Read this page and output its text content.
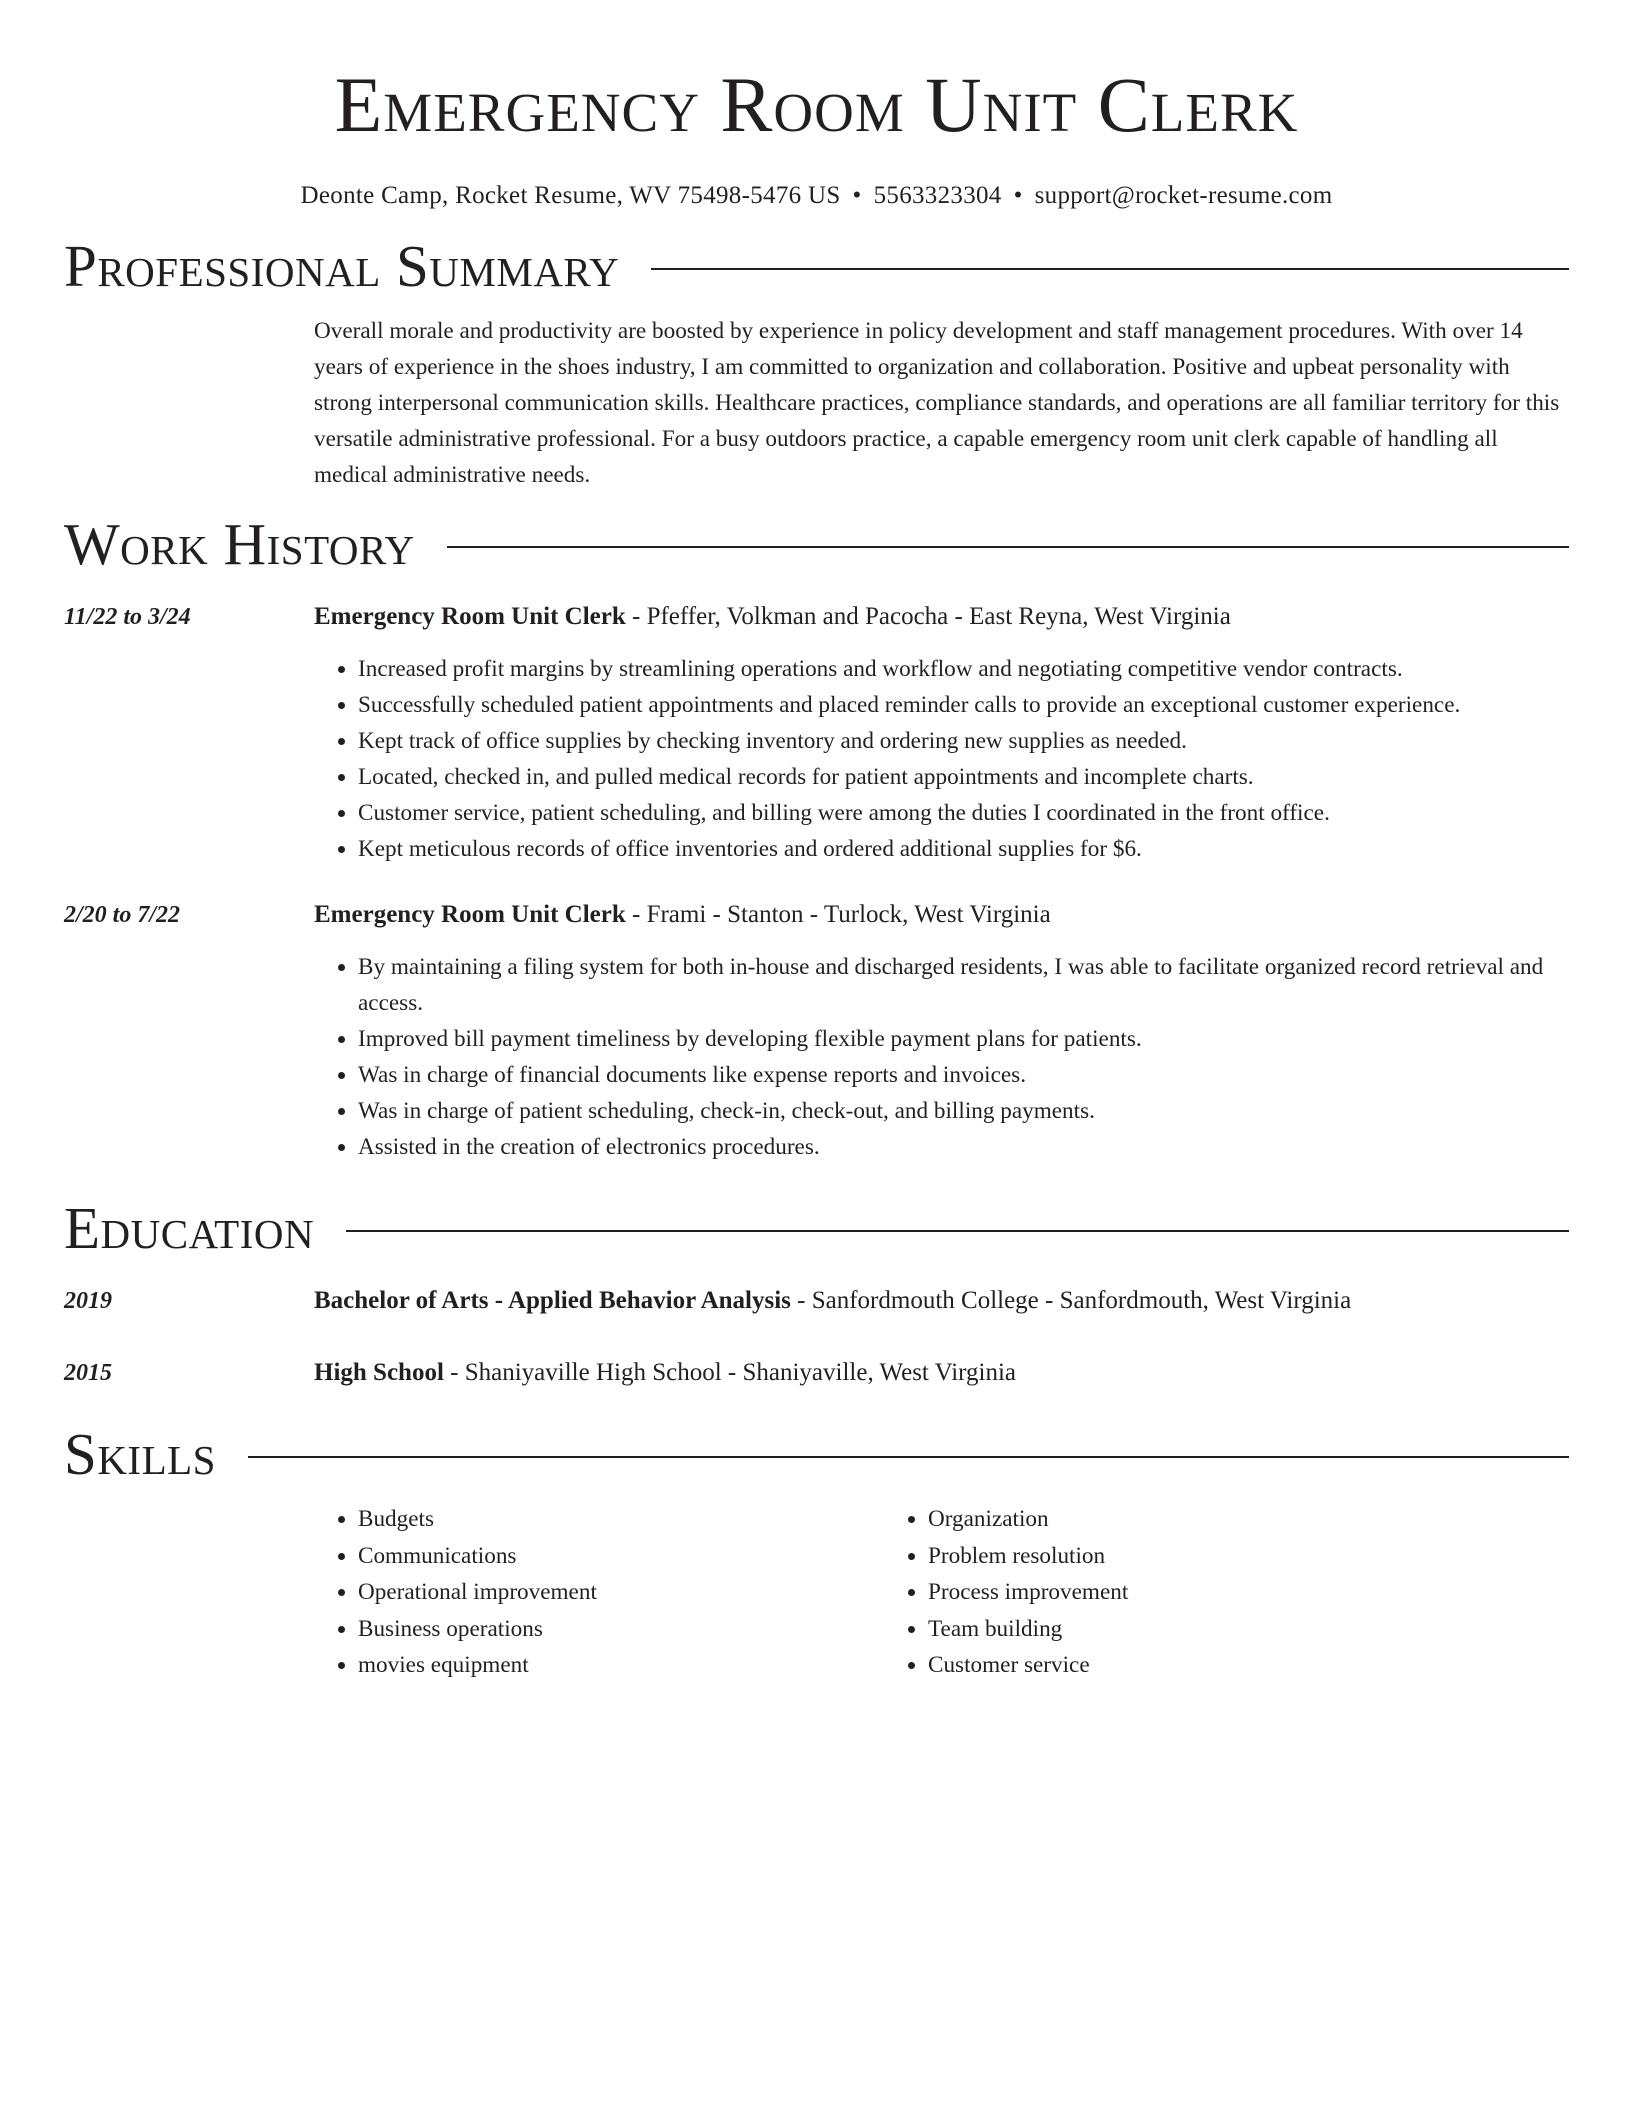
Emergency Room Unit Clerk
Deonte Camp, Rocket Resume, WV 75498-5476 US • 5563323304 • support@rocket-resume.com
Professional Summary

Overall morale and productivity are boosted by experience in policy development and staff management procedures. With over 14 years of experience in the shoes industry, I am committed to organization and collaboration. Positive and upbeat personality with strong interpersonal communication skills. Healthcare practices, compliance standards, and operations are all familiar territory for this versatile administrative professional. For a busy outdoors practice, a capable emergency room unit clerk capable of handling all medical administrative needs.

Work History
11/22 to 3/24	Emergency Room Unit Clerk - Pfeffer, Volkman and Pacocha - East Reyna, West Virginia
• Increased profit margins by streamlining operations and workflow and negotiating competitive vendor contracts.
• Successfully scheduled patient appointments and placed reminder calls to provide an exceptional customer experience.
• Kept track of office supplies by checking inventory and ordering new supplies as needed.
• Located, checked in, and pulled medical records for patient appointments and incomplete charts.
• Customer service, patient scheduling, and billing were among the duties I coordinated in the front office.
• Kept meticulous records of office inventories and ordered additional supplies for $6.
2/20 to 7/22	Emergency Room Unit Clerk - Frami - Stanton - Turlock, West Virginia
• By maintaining a filing system for both in-house and discharged residents, I was able to facilitate organized record retrieval and access.
• Improved bill payment timeliness by developing flexible payment plans for patients.
• Was in charge of financial documents like expense reports and invoices.
• Was in charge of patient scheduling, check-in, check-out, and billing payments.
• Assisted in the creation of electronics procedures.
Education
2019	Bachelor of Arts - Applied Behavior Analysis - Sanfordmouth College - Sanfordmouth, West Virginia
2015	High School - Shaniyaville High School - Shaniyaville, West Virginia
Skills
• Budgets
• Communications
• Operational improvement
• Business operations
• movies equipment
• Organization
• Problem resolution
• Process improvement
• Team building
• Customer service
